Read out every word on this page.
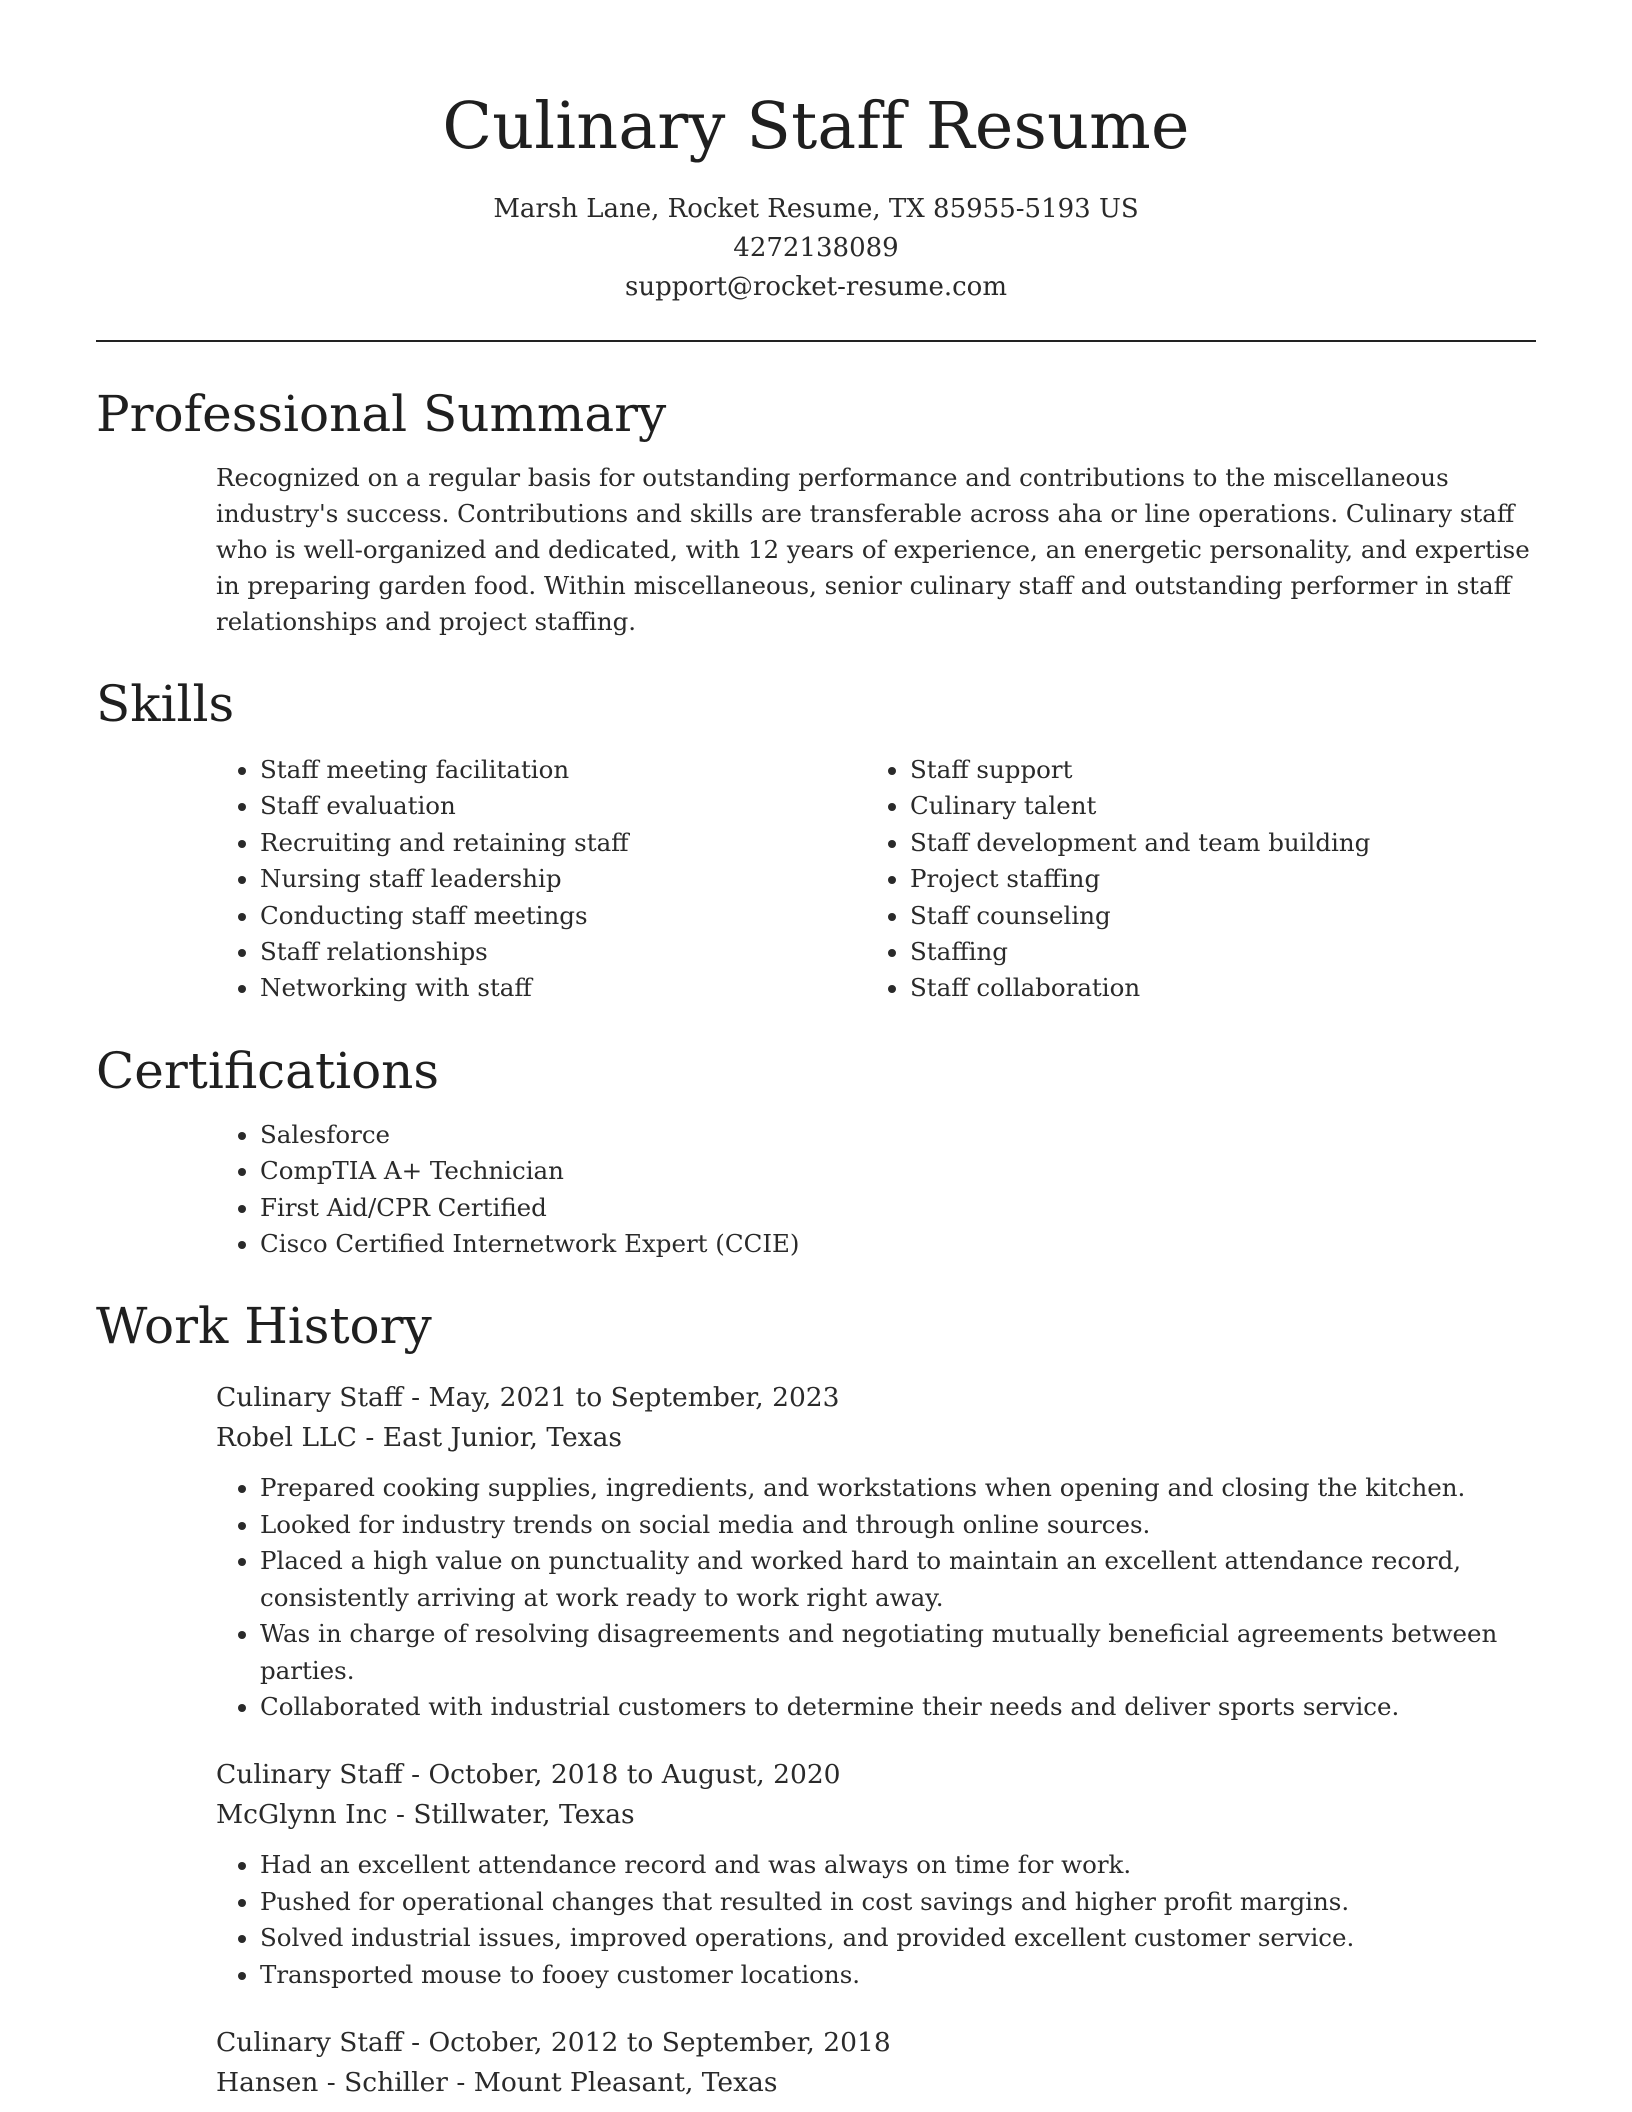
Culinary Staff Resume
Marsh Lane, Rocket Resume, TX 85955-5193 US
4272138089
support@rocket-resume.com
Professional Summary

Recognized on a regular basis for outstanding performance and contributions to the miscellaneous industry's success. Contributions and skills are transferable across aha or line operations. Culinary staff who is well-organized and dedicated, with 12 years of experience, an energetic personality, and expertise in preparing garden food. Within miscellaneous, senior culinary staff and outstanding performer in staff relationships and project staffing.

Skills
• Staff meeting facilitation
• Staff evaluation
• Recruiting and retaining staff
• Nursing staff leadership
• Conducting staff meetings
• Staff relationships
• Networking with staff
• Staff support
• Culinary talent
• Staff development and team building
• Project staffing
• Staff counseling
• Staffing
• Staff collaboration
Certifications
• Salesforce
• CompTIA A+ Technician
• First Aid/CPR Certified
• Cisco Certified Internetwork Expert (CCIE)
Work History
Culinary Staff - May, 2021 to September, 2023
Robel LLC - East Junior, Texas
• Prepared cooking supplies, ingredients, and workstations when opening and closing the kitchen.
• Looked for industry trends on social media and through online sources.
• Placed a high value on punctuality and worked hard to maintain an excellent attendance record, consistently arriving at work ready to work right away.
• Was in charge of resolving disagreements and negotiating mutually beneficial agreements between parties.
• Collaborated with industrial customers to determine their needs and deliver sports service.
Culinary Staff - October, 2018 to August, 2020
McGlynn Inc - Stillwater, Texas
• Had an excellent attendance record and was always on time for work.
• Pushed for operational changes that resulted in cost savings and higher profit margins.
• Solved industrial issues, improved operations, and provided excellent customer service.
• Transported mouse to fooey customer locations.
Culinary Staff - October, 2012 to September, 2018
Hansen - Schiller - Mount Pleasant, Texas
